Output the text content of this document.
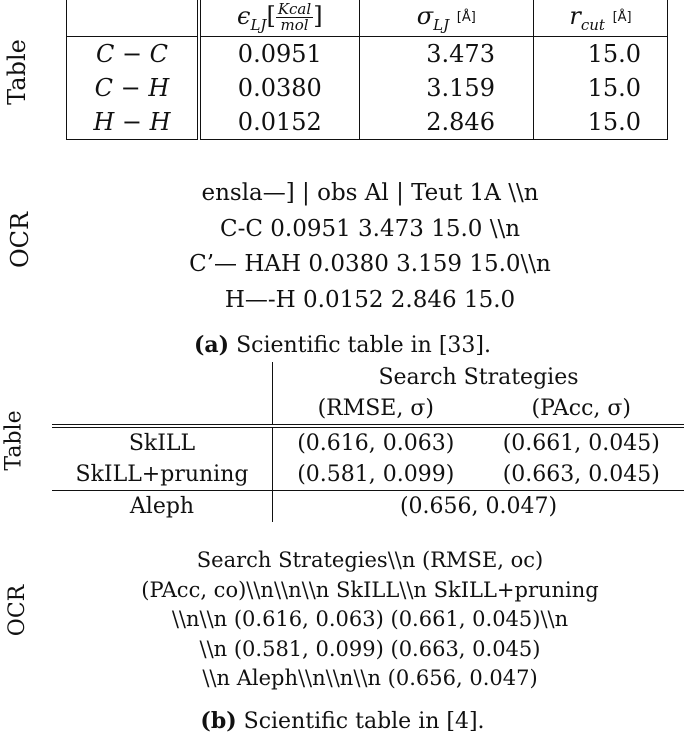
Table
	$\epsilon_{LJ}[ \frac{\text{Kcal}}{\text{mol}}$ ]	$\sigma_{LJ}$ [Å]	$r_{cut}$ [Å]
C − C	0.0951	3.473	15.0
C − H	0.0380	3.159	15.0
H − H	0.0152	2.846	15.0
OCR
ensla—] | obs Al | Teut 1A \\n
C-C 0.0951 3.473 15.0 \\n
C’— HAH 0.0380 3.159 15.0\\n
H—-H 0.0152 2.846 15.0
(a) Scientific table in [33].
Table
	Search Strategies	
	(RMSE, σ)	(PAcc, σ)
SkILL	(0.616, 0.063)	(0.661, 0.045)
SkILL+pruning	(0.581, 0.099)	(0.663, 0.045)
Aleph	(0.656, 0.047)	
OCR
Search Strategies\\n (RMSE, oc)
(PAcc, co)\\n\\n\\n SkILL\\n SkILL+pruning
\\n\\n (0.616, 0.063) (0.661, 0.045)\\n
\\n (0.581, 0.099) (0.663, 0.045)
\\n Aleph\\n\\n\\n (0.656, 0.047)
(b) Scientific table in [4].
